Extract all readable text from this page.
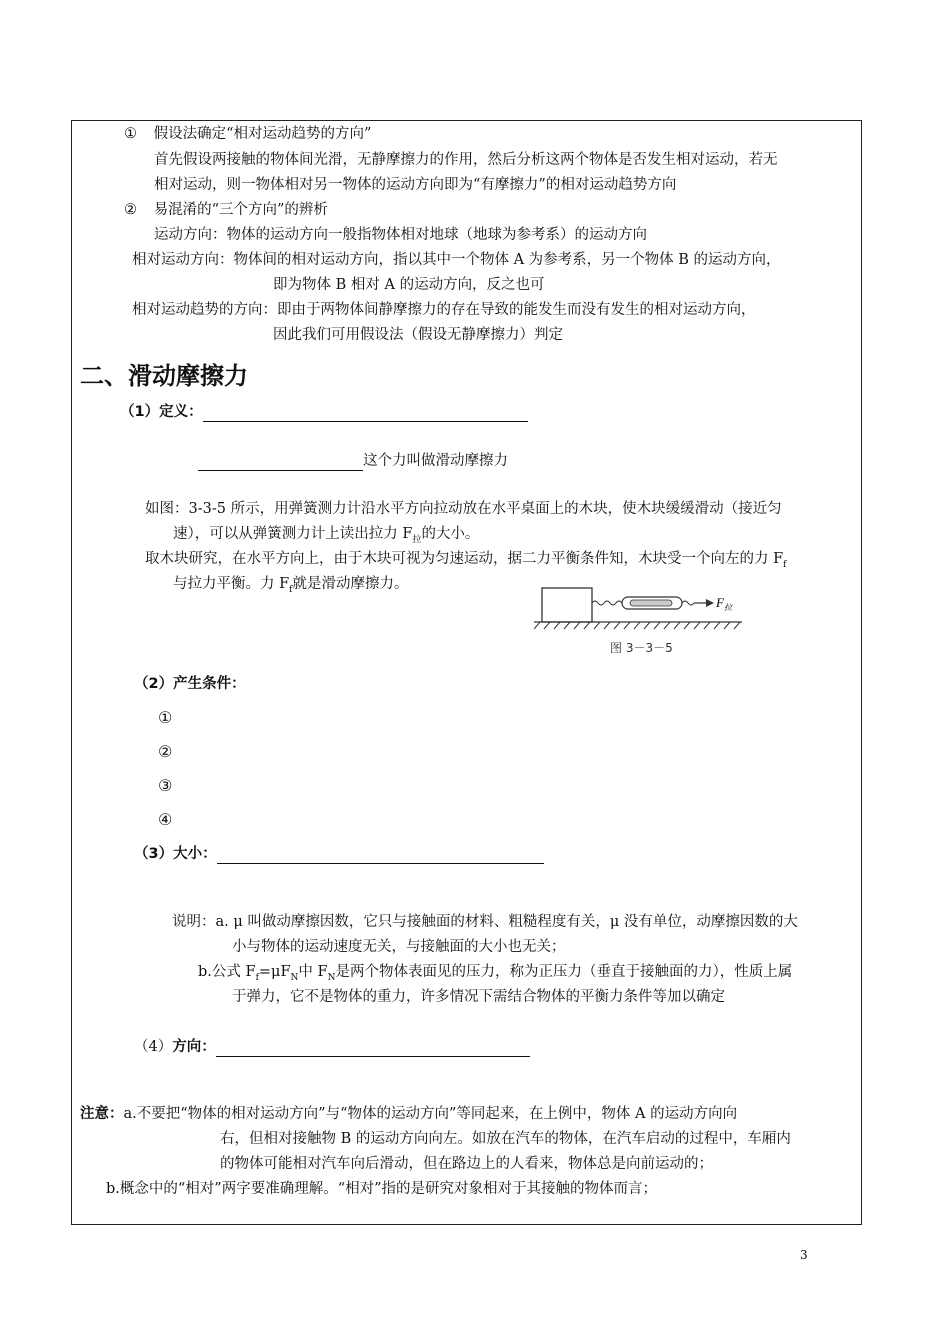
① 假设法确定“相对运动趋势的方向”
首先假设两接触的物体间光滑，无静摩擦力的作用，然后分析这两个物体是否发生相对运动，若无
相对运动，则一物体相对另一物体的运动方向即为“有摩擦力”的相对运动趋势方向
② 易混淆的“三个方向”的辨析
运动方向：物体的运动方向一般指物体相对地球（地球为参考系）的运动方向
相对运动方向：物体间的相对运动方向，指以其中一个物体 A 为参考系，另一个物体 B 的运动方向，
即为物体 B 相对 A 的运动方向，反之也可
相对运动趋势的方向：即由于两物体间静摩擦力的存在导致的能发生而没有发生的相对运动方向，
因此我们可用假设法（假设无静摩擦力）判定
二、滑动摩擦力
（1）定义：
这个力叫做滑动摩擦力
如图：3-3-5 所示，用弹簧测力计沿水平方向拉动放在水平桌面上的木块，使木块缓缓滑动（接近匀
速），可以从弹簧测力计上读出拉力 $F_拉$的大小。
取木块研究，在水平方向上，由于木块可视为匀速运动，据二力平衡条件知，木块受一个向左的力 $F_f$
与拉力平衡。力 $F_f$就是滑动摩擦力。
$F_拉$
图 3－3－5
（2）产生条件：
①
②
③
④
（3）大小：
说明：a. μ 叫做动摩擦因数，它只与接触面的材料、粗糙程度有关，μ 没有单位，动摩擦因数的大
小与物体的运动速度无关，与接触面的大小也无关；
b.公式 $F_f=\mu F_N$中 $F_N$是两个物体表面见的压力，称为正压力（垂直于接触面的力），性质上属
于弹力，它不是物体的重力，许多情况下需结合物体的平衡力条件等加以确定
（4）方向：
注意：a.不要把“物体的相对运动方向”与“物体的运动方向”等同起来，在上例中，物体 A 的运动方向向
右，但相对接触物 B 的运动方向向左。如放在汽车的物体，在汽车启动的过程中，车厢内
的物体可能相对汽车向后滑动，但在路边上的人看来，物体总是向前运动的；
b.概念中的“相对”两字要准确理解。“相对”指的是研究对象相对于其接触的物体而言；
3
